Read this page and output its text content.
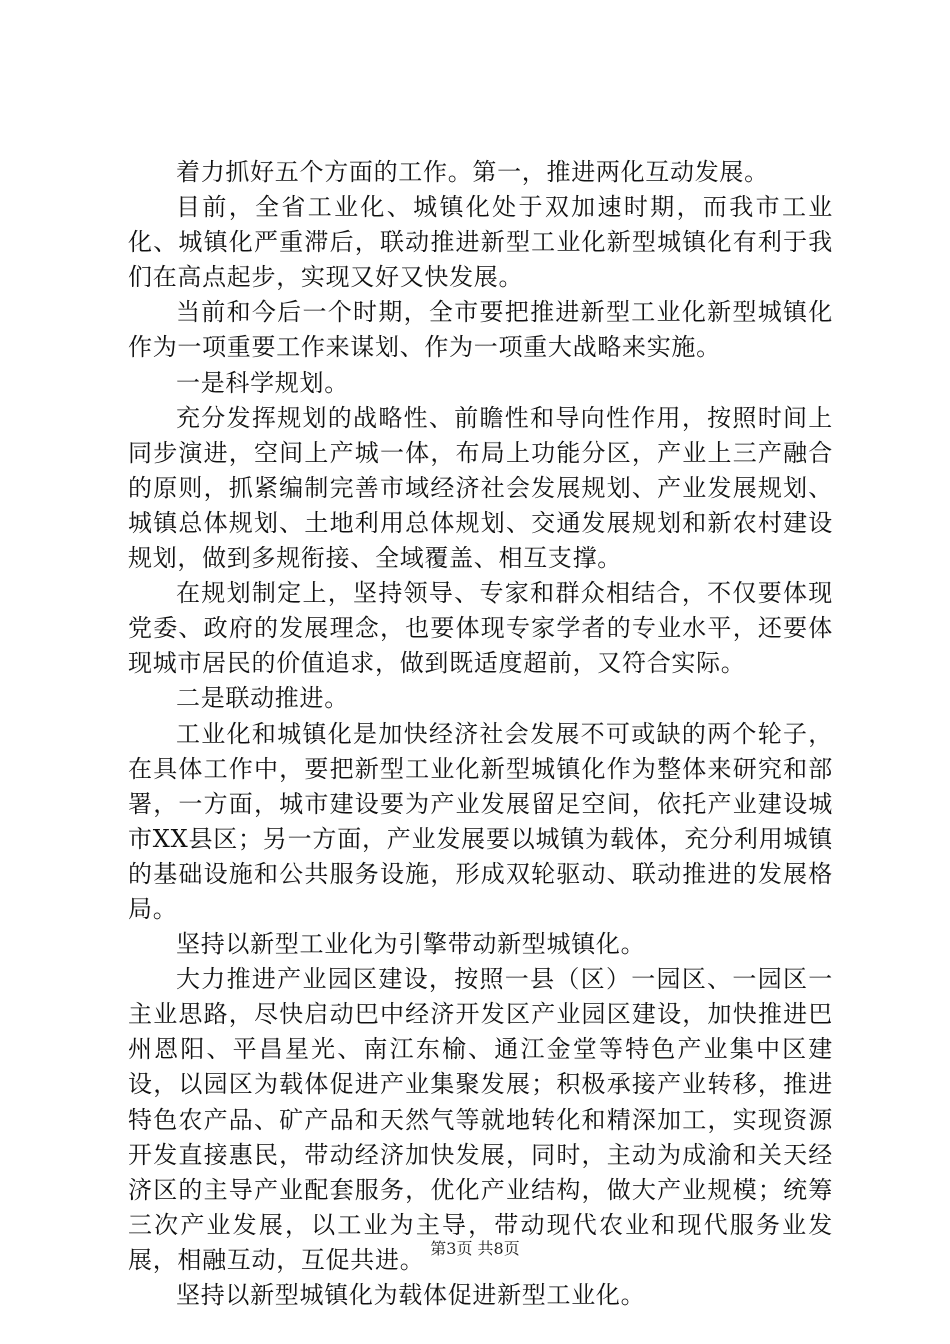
着力抓好五个方面的工作。第一，推进两化互动发展。

目前，全省工业化、城镇化处于双加速时期，而我市工业化、城镇化严重滞后，联动推进新型工业化新型城镇化有利于我们在高点起步，实现又好又快发展。

当前和今后一个时期，全市要把推进新型工业化新型城镇化作为一项重要工作来谋划、作为一项重大战略来实施。

一是科学规划。

充分发挥规划的战略性、前瞻性和导向性作用，按照时间上同步演进，空间上产城一体，布局上功能分区，产业上三产融合的原则，抓紧编制完善市域经济社会发展规划、产业发展规划、城镇总体规划、土地利用总体规划、交通发展规划和新农村建设规划，做到多规衔接、全域覆盖、相互支撑。

在规划制定上，坚持领导、专家和群众相结合，不仅要体现党委、政府的发展理念，也要体现专家学者的专业水平，还要体现城市居民的价值追求，做到既适度超前，又符合实际。

二是联动推进。

工业化和城镇化是加快经济社会发展不可或缺的两个轮子，在具体工作中，要把新型工业化新型城镇化作为整体来研究和部署，一方面，城市建设要为产业发展留足空间，依托产业建设城市XX县区；另一方面，产业发展要以城镇为载体，充分利用城镇的基础设施和公共服务设施，形成双轮驱动、联动推进的发展格局。

坚持以新型工业化为引擎带动新型城镇化。

大力推进产业园区建设，按照一县（区）一园区、一园区一主业思路，尽快启动巴中经济开发区产业园区建设，加快推进巴州恩阳、平昌星光、南江东榆、通江金堂等特色产业集中区建设，以园区为载体促进产业集聚发展；积极承接产业转移，推进特色农产品、矿产品和天然气等就地转化和精深加工，实现资源开发直接惠民，带动经济加快发展，同时，主动为成渝和关天经济区的主导产业配套服务，优化产业结构，做大产业规模；统筹三次产业发展，以工业为主导，带动现代农业和现代服务业发展，相融互动，互促共进。

坚持以新型城镇化为载体促进新型工业化。

第3页 共8页
